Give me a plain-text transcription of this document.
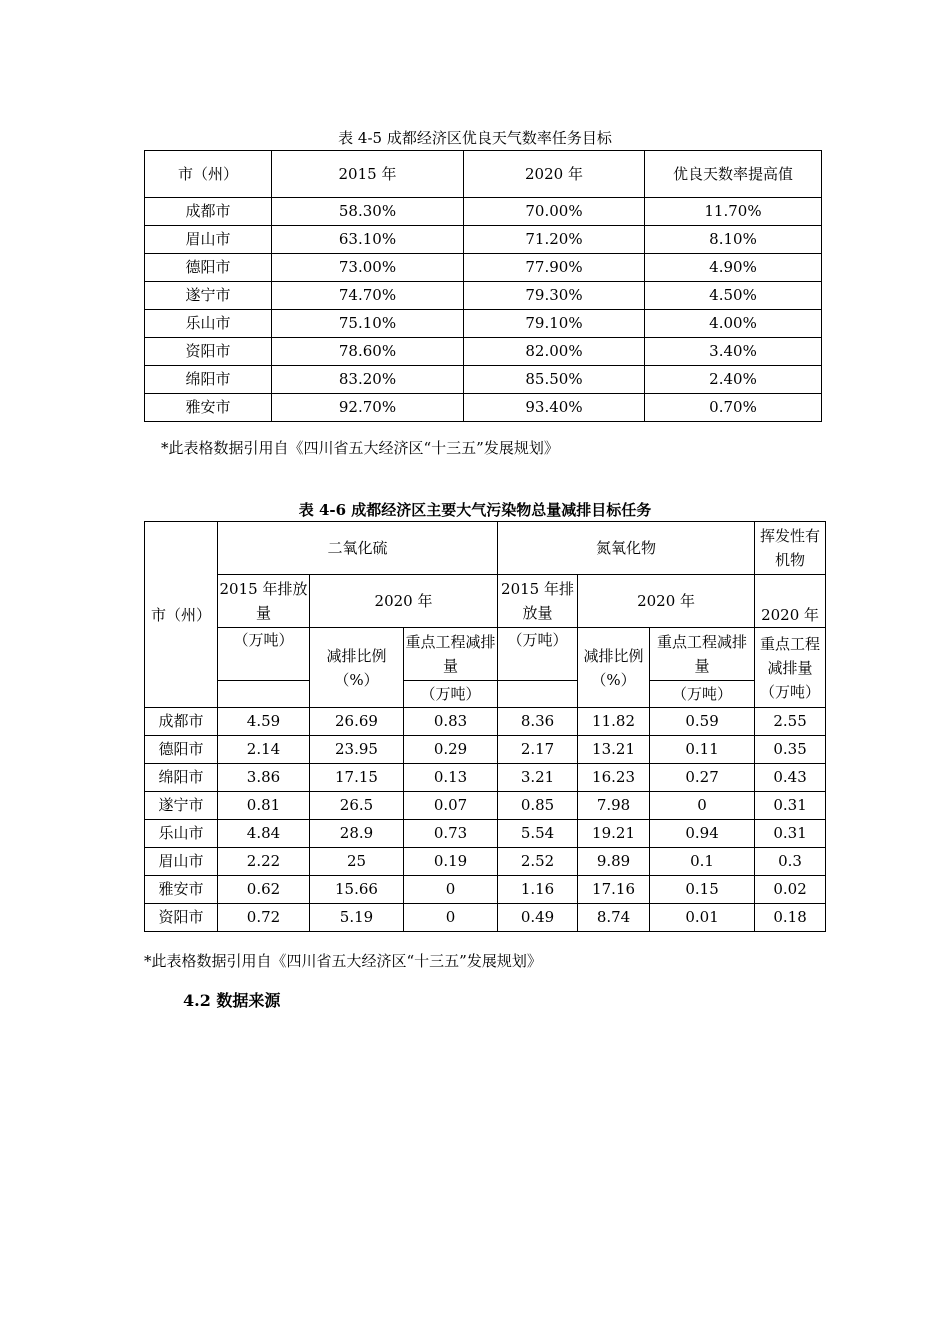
表 4-5 成都经济区优良天气数率任务目标
市（州）	2015 年	2020 年	优良天数率提高值
成都市	58.30%	70.00%	11.70%
眉山市	63.10%	71.20%	8.10%
德阳市	73.00%	77.90%	4.90%
遂宁市	74.70%	79.30%	4.50%
乐山市	75.10%	79.10%	4.00%
资阳市	78.60%	82.00%	3.40%
绵阳市	83.20%	85.50%	2.40%
雅安市	92.70%	93.40%	0.70%
*此表格数据引用自《四川省五大经济区“十三五”发展规划》
表 4-6 成都经济区主要大气污染物总量减排目标任务
市（州）	二氧化硫			氮氧化物			挥发性有机物
	2015 年排放量	2020 年		2015 年排放量	2020 年		2020 年
	（万吨）	减排比例（%）	重点工程减排量	（万吨）	减排比例（%）	重点工程减排量	重点工程减排量（万吨）
			（万吨）			（万吨）	
成都市	4.59	26.69	0.83	8.36	11.82	0.59	2.55
德阳市	2.14	23.95	0.29	2.17	13.21	0.11	0.35
绵阳市	3.86	17.15	0.13	3.21	16.23	0.27	0.43
遂宁市	0.81	26.5	0.07	0.85	7.98	0	0.31
乐山市	4.84	28.9	0.73	5.54	19.21	0.94	0.31
眉山市	2.22	25	0.19	2.52	9.89	0.1	0.3
雅安市	0.62	15.66	0	1.16	17.16	0.15	0.02
资阳市	0.72	5.19	0	0.49	8.74	0.01	0.18
*此表格数据引用自《四川省五大经济区“十三五”发展规划》
4.2 数据来源
